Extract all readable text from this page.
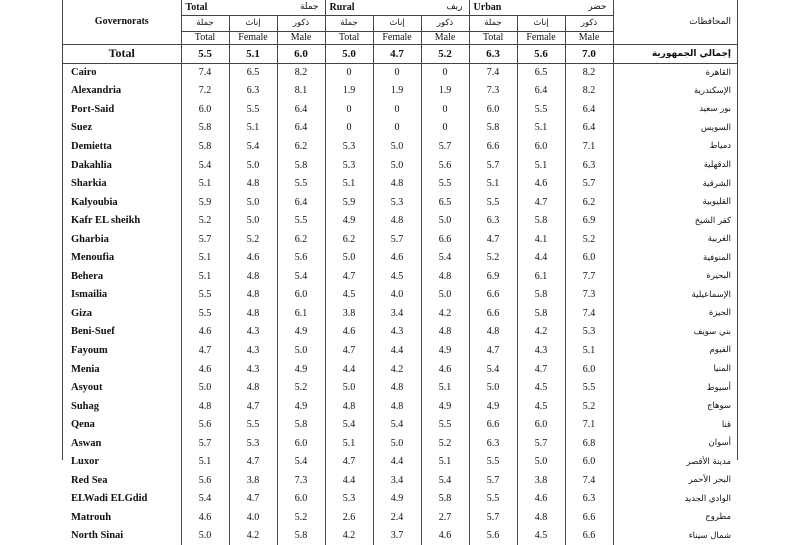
Governorats	Total جملة			Rural ريف			Urban حضر			المحافظات
	جملة	إناث	ذكور	جملة	إناث	ذكور	جملة	إناث	ذكور	
	Total	Female	Male	Total	Female	Male	Total	Female	Male	
Total	5.5	5.1	6.0	5.0	4.7	5.2	6.3	5.6	7.0	إجمالي الجمهورية
Cairo	7.4	6.5	8.2	0	0	0	7.4	6.5	8.2	القاهرة
Alexandria	7.2	6.3	8.1	1.9	1.9	1.9	7.3	6.4	8.2	الإسكندرية
Port-Said	6.0	5.5	6.4	0	0	0	6.0	5.5	6.4	بور سعيد
Suez	5.8	5.1	6.4	0	0	0	5.8	5.1	6.4	السويس
Demietta	5.8	5.4	6.2	5.3	5.0	5.7	6.6	6.0	7.1	دمياط
Dakahlia	5.4	5.0	5.8	5.3	5.0	5.6	5.7	5.1	6.3	الدقهلية
Sharkia	5.1	4.8	5.5	5.1	4.8	5.5	5.1	4.6	5.7	الشرقية
Kalyoubia	5.9	5.0	6.4	5.9	5.3	6.5	5.5	4.7	6.2	القليوبية
Kafr EL sheikh	5.2	5.0	5.5	4.9	4.8	5.0	6.3	5.8	6.9	كفر الشيخ
Gharbia	5.7	5.2	6.2	6.2	5.7	6.6	4.7	4.1	5.2	الغربية
Menoufia	5.1	4.6	5.6	5.0	4.6	5.4	5.2	4.4	6.0	المنوفية
Behera	5.1	4.8	5.4	4.7	4.5	4.8	6.9	6.1	7.7	البحيرة
Ismailia	5.5	4.8	6.0	4.5	4.0	5.0	6.6	5.8	7.3	الإسماعيلية
Giza	5.5	4.8	6.1	3.8	3.4	4.2	6.6	5.8	7.4	الجيزة
Beni-Suef	4.6	4.3	4.9	4.6	4.3	4.8	4.8	4.2	5.3	بني سويف
Fayoum	4.7	4.3	5.0	4.7	4.4	4.9	4.7	4.3	5.1	الفيوم
Menia	4.6	4.3	4.9	4.4	4.2	4.6	5.4	4.7	6.0	المنيا
Asyout	5.0	4.8	5.2	5.0	4.8	5.1	5.0	4.5	5.5	أسيوط
Suhag	4.8	4.7	4.9	4.8	4.8	4.9	4.9	4.5	5.2	سوهاج
Qena	5.6	5.5	5.8	5.4	5.4	5.5	6.6	6.0	7.1	قنا
Aswan	5.7	5.3	6.0	5.1	5.0	5.2	6.3	5.7	6.8	أسوان
Luxor	5.1	4.7	5.4	4.7	4.4	5.1	5.5	5.0	6.0	مدينة الأقصر
Red Sea	5.6	3.8	7.3	4.4	3.4	5.4	5.7	3.8	7.4	البحر الأحمر
ELWadi ELGdid	5.4	4.7	6.0	5.3	4.9	5.8	5.5	4.6	6.3	الوادي الجديد
Matrouh	4.6	4.0	5.2	2.6	2.4	2.7	5.7	4.8	6.6	مطروح
North Sinai	5.0	4.2	5.8	4.2	3.7	4.6	5.6	4.5	6.6	شمال سيناء
